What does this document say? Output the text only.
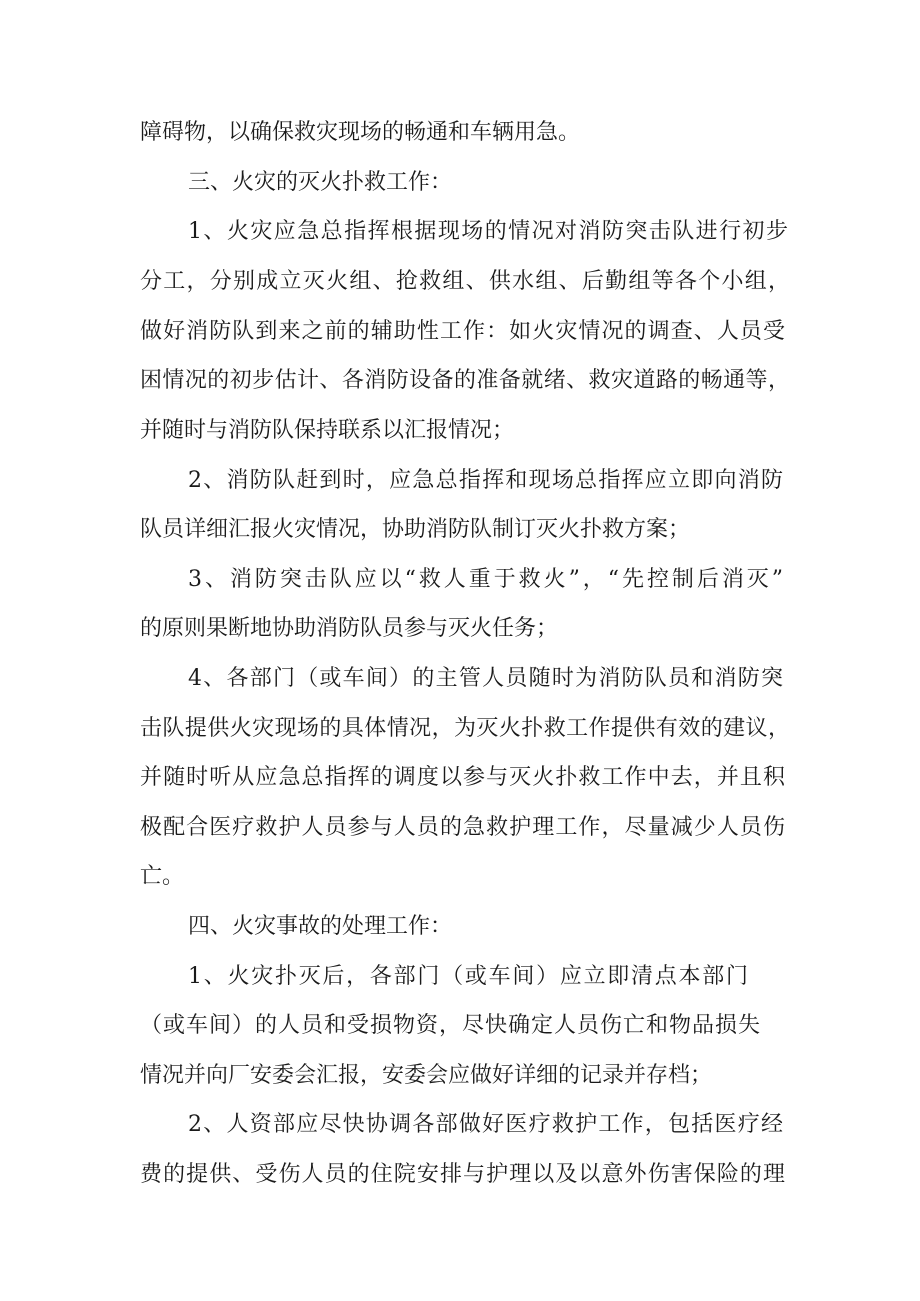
障碍物，以确保救灾现场的畅通和车辆用急。
三、火灾的灭火扑救工作：
1、火灾应急总指挥根据现场的情况对消防突击队进行初步
分工，分别成立灭火组、抢救组、供水组、后勤组等各个小组，
做好消防队到来之前的辅助性工作：如火灾情况的调查、人员受
困情况的初步估计、各消防设备的准备就绪、救灾道路的畅通等，
并随时与消防队保持联系以汇报情况；
2、消防队赶到时，应急总指挥和现场总指挥应立即向消防
队员详细汇报火灾情况，协助消防队制订灭火扑救方案；
3、消防突击队应以“救人重于救火”，“先控制后消灭”
的原则果断地协助消防队员参与灭火任务；
4、各部门（或车间）的主管人员随时为消防队员和消防突
击队提供火灾现场的具体情况，为灭火扑救工作提供有效的建议，
并随时听从应急总指挥的调度以参与灭火扑救工作中去，并且积
极配合医疗救护人员参与人员的急救护理工作，尽量减少人员伤
亡。
四、火灾事故的处理工作：
1、火灾扑灭后，各部门（或车间）应立即清点本部门
（或车间）的人员和受损物资，尽快确定人员伤亡和物品损失
情况并向厂安委会汇报，安委会应做好详细的记录并存档；
2、人资部应尽快协调各部做好医疗救护工作，包括医疗经
费的提供、受伤人员的住院安排与护理以及以意外伤害保险的理
